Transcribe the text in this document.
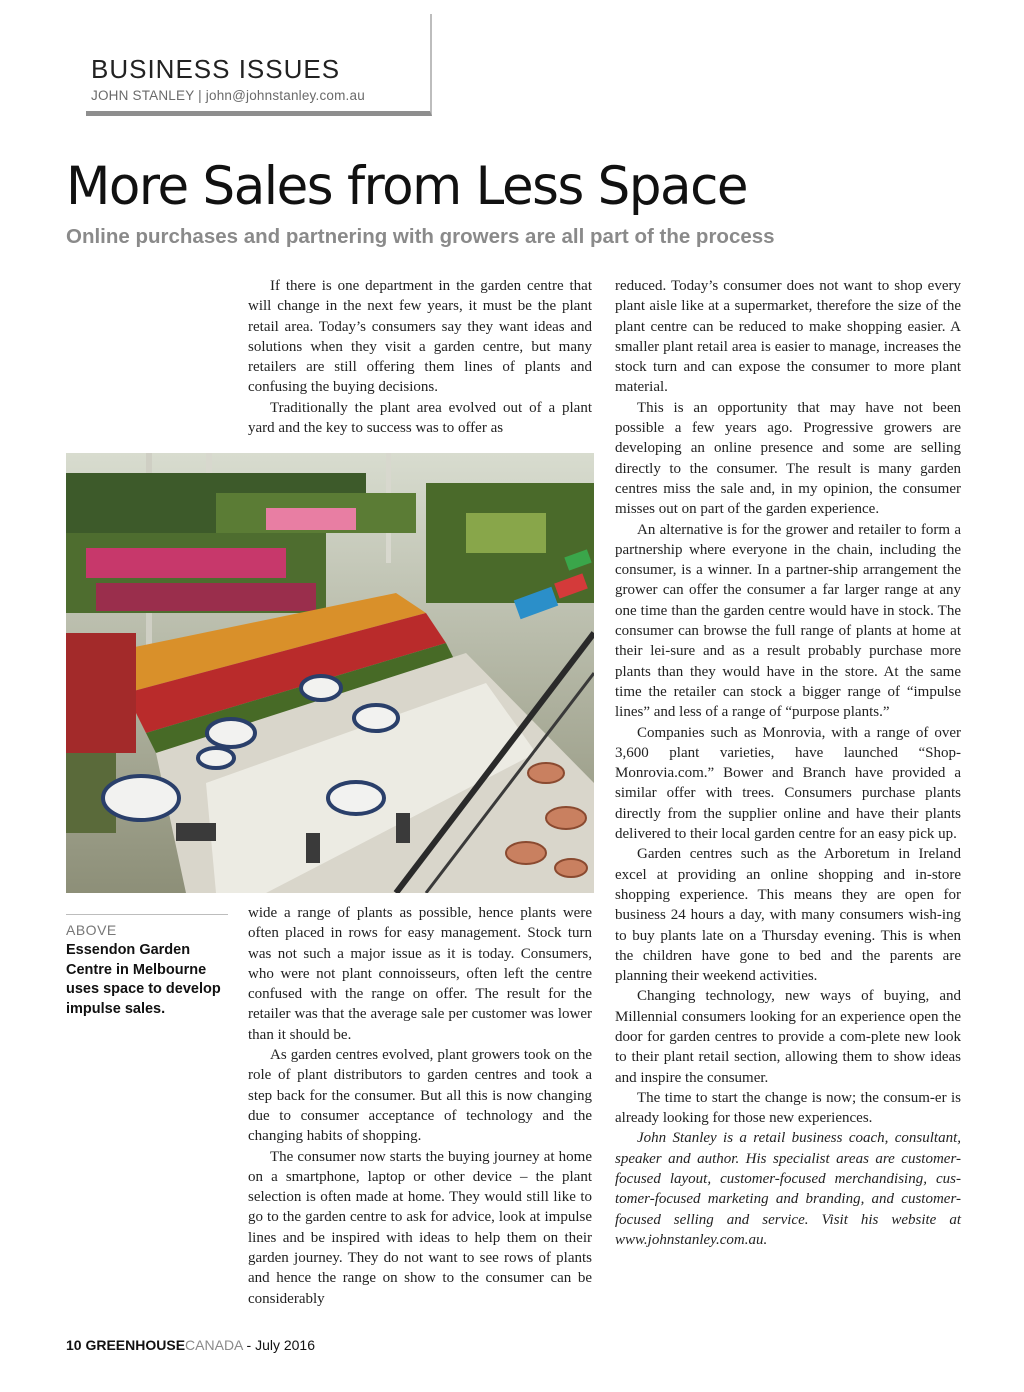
BUSINESS ISSUES
JOHN STANLEY | john@johnstanley.com.au
More Sales from Less Space
Online purchases and partnering with growers are all part of the process

If there is one department in the garden centre that will change in the next few years, it must be the plant retail area. Today’s consumers say they want ideas and solutions when they visit a garden centre, but many retailers are still offering them lines of plants and confusing the buying decisions.

Traditionally the plant area evolved out of a plant yard and the key to success was to offer as

ABOVE

Essendon Garden Centre in Melbourne uses space to develop impulse sales.

wide a range of plants as possible, hence plants were often placed in rows for easy management. Stock turn was not such a major issue as it is today. Consumers, who were not plant connoisseurs, often left the centre confused with the range on offer. The result for the retailer was that the average sale per customer was lower than it should be.

As garden centres evolved, plant growers took on the role of plant distributors to garden centres and took a step back for the consumer. But all this is now changing due to consumer acceptance of technology and the changing habits of shopping.

The consumer now starts the buying journey at home on a smartphone, laptop or other device – the plant selection is often made at home. They would still like to go to the garden centre to ask for advice, look at impulse lines and be inspired with ideas to help them on their garden journey. They do not want to see rows of plants and hence the range on show to the consumer can be considerably

reduced. Today’s consumer does not want to shop every plant aisle like at a supermarket, therefore the size of the plant centre can be reduced to make shopping easier. A smaller plant retail area is easier to manage, increases the stock turn and can expose the consumer to more plant material.

This is an opportunity that may have not been possible a few years ago. Progressive growers are developing an online presence and some are selling directly to the consumer. The result is many garden centres miss the sale and, in my opinion, the consumer misses out on part of the garden experience.

An alternative is for the grower and retailer to form a partnership where everyone in the chain, including the consumer, is a winner. In a partner-ship arrangement the grower can offer the consumer a far larger range at any one time than the garden centre would have in stock. The consumer can browse the full range of plants at home at their lei-sure and as a result probably purchase more plants than they would have in the store. At the same time the retailer can stock a bigger range of “impulse lines” and less of a range of “purpose plants.”

Companies such as Monrovia, with a range of over 3,600 plant varieties, have launched “Shop-Monrovia.com.” Bower and Branch have provided a similar offer with trees. Consumers purchase plants directly from the supplier online and have their plants delivered to their local garden centre for an easy pick up.

Garden centres such as the Arboretum in Ireland excel at providing an online shopping and in-store shopping experience. This means they are open for business 24 hours a day, with many consumers wish-ing to buy plants late on a Thursday evening. This is when the children have gone to bed and the parents are planning their weekend activities.

Changing technology, new ways of buying, and Millennial consumers looking for an experience open the door for garden centres to provide a com-plete new look to their plant retail section, allowing them to show ideas and inspire the consumer.

The time to start the change is now; the consum-er is already looking for those new experiences.

John Stanley is a retail business coach, consultant, speaker and author. His specialist areas are customer-focused layout, customer-focused merchandising, cus-tomer-focused marketing and branding, and customer-focused selling and service. Visit his website at www.johnstanley.com.au.

10 GREENHOUSECANADA - July 2016
